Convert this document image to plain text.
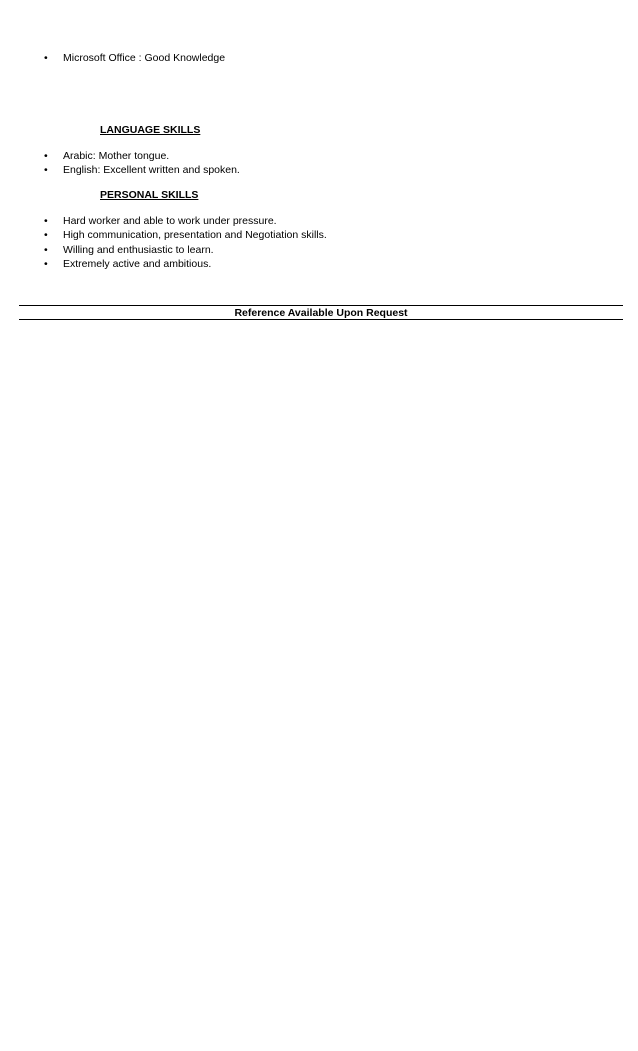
• Microsoft Office : Good Knowledge
LANGUAGE SKILLS
• Arabic: Mother tongue.
• English: Excellent written and spoken.
PERSONAL SKILLS
• Hard worker and able to work under pressure.
• High communication, presentation and Negotiation skills.
• Willing and enthusiastic to learn.
• Extremely active and ambitious.
Reference Available Upon Request
